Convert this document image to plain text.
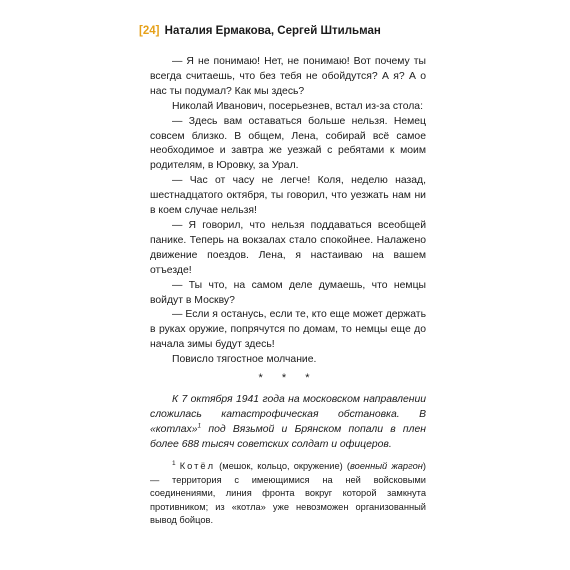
[24] Наталия Ермакова, Сергей Штильман

— Я не понимаю! Нет, не понимаю! Вот почему ты всегда считаешь, что без тебя не обойдутся? А я? А о нас ты подумал? Как мы здесь?

Николай Иванович, посерьезнев, встал из-за стола:

— Здесь вам оставаться больше нельзя. Немец совсем близко. В общем, Лена, собирай всё самое необходимое и завтра же уезжай с ребятами к моим родителям, в Юровку, за Урал.

— Час от часу не легче! Коля, неделю назад, шестнадцатого октября, ты говорил, что уезжать нам ни в коем случае нельзя!

— Я говорил, что нельзя поддаваться всеобщей панике. Теперь на вокзалах стало спокойнее. Налажено движение поездов. Лена, я настаиваю на вашем отъезде!

— Ты что, на самом деле думаешь, что немцы войдут в Москву?

— Если я останусь, если те, кто еще может держать в руках оружие, попрячутся по домам, то немцы еще до начала зимы будут здесь!

Повисло тягостное молчание.

* * *

К 7 октября 1941 года на московском направлении сложилась катастрофическая обстановка. В «котлах»$^1$ под Вязьмой и Брянском попали в плен более 688 тысяч советских солдат и офицеров.

$^1$ Котёл (мешок, кольцо, окружение) (военный жаргон) — территория с имеющимися на ней войсковыми соединениями, линия фронта вокруг которой замкнута противником; из «котла» уже невозможен организованный вывод бойцов.
